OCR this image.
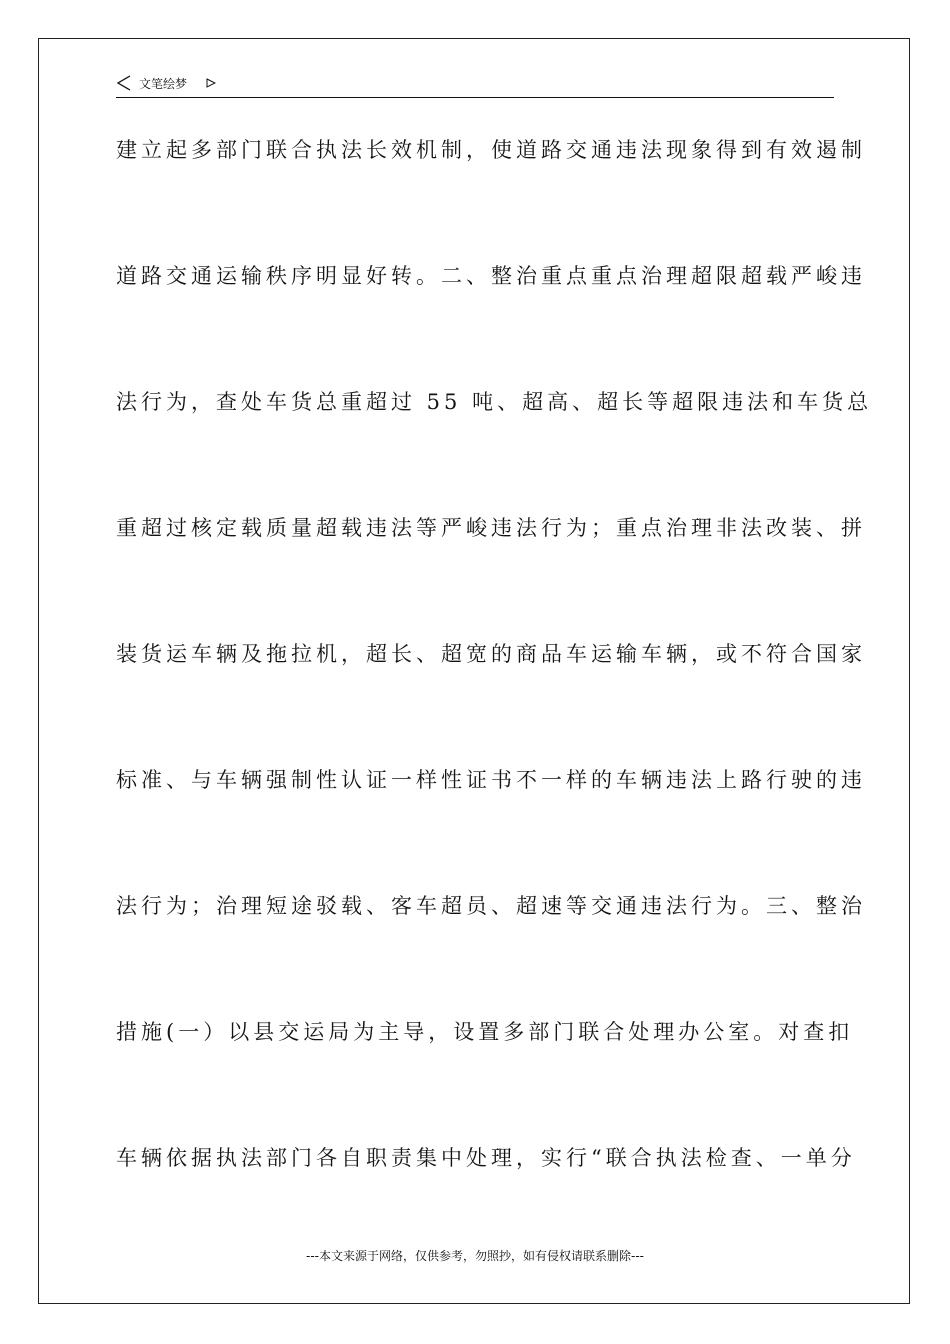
文笔绘梦
建立起多部门联合执法长效机制，使道路交通违法现象得到有效遏制
道路交通运输秩序明显好转。二、整治重点重点治理超限超载严峻违
法行为，查处车货总重超过 55 吨、超高、超长等超限违法和车货总
重超过核定载质量超载违法等严峻违法行为；重点治理非法改装、拼
装货运车辆及拖拉机，超长、超宽的商品车运输车辆，或不符合国家
标准、与车辆强制性认证一样性证书不一样的车辆违法上路行驶的违
法行为；治理短途驳载、客车超员、超速等交通违法行为。三、整治
措施(一）以县交运局为主导，设置多部门联合处理办公室。对查扣
车辆依据执法部门各自职责集中处理，实行“联合执法检查、一单分
---本文来源于网络，仅供参考，勿照抄，如有侵权请联系删除---
